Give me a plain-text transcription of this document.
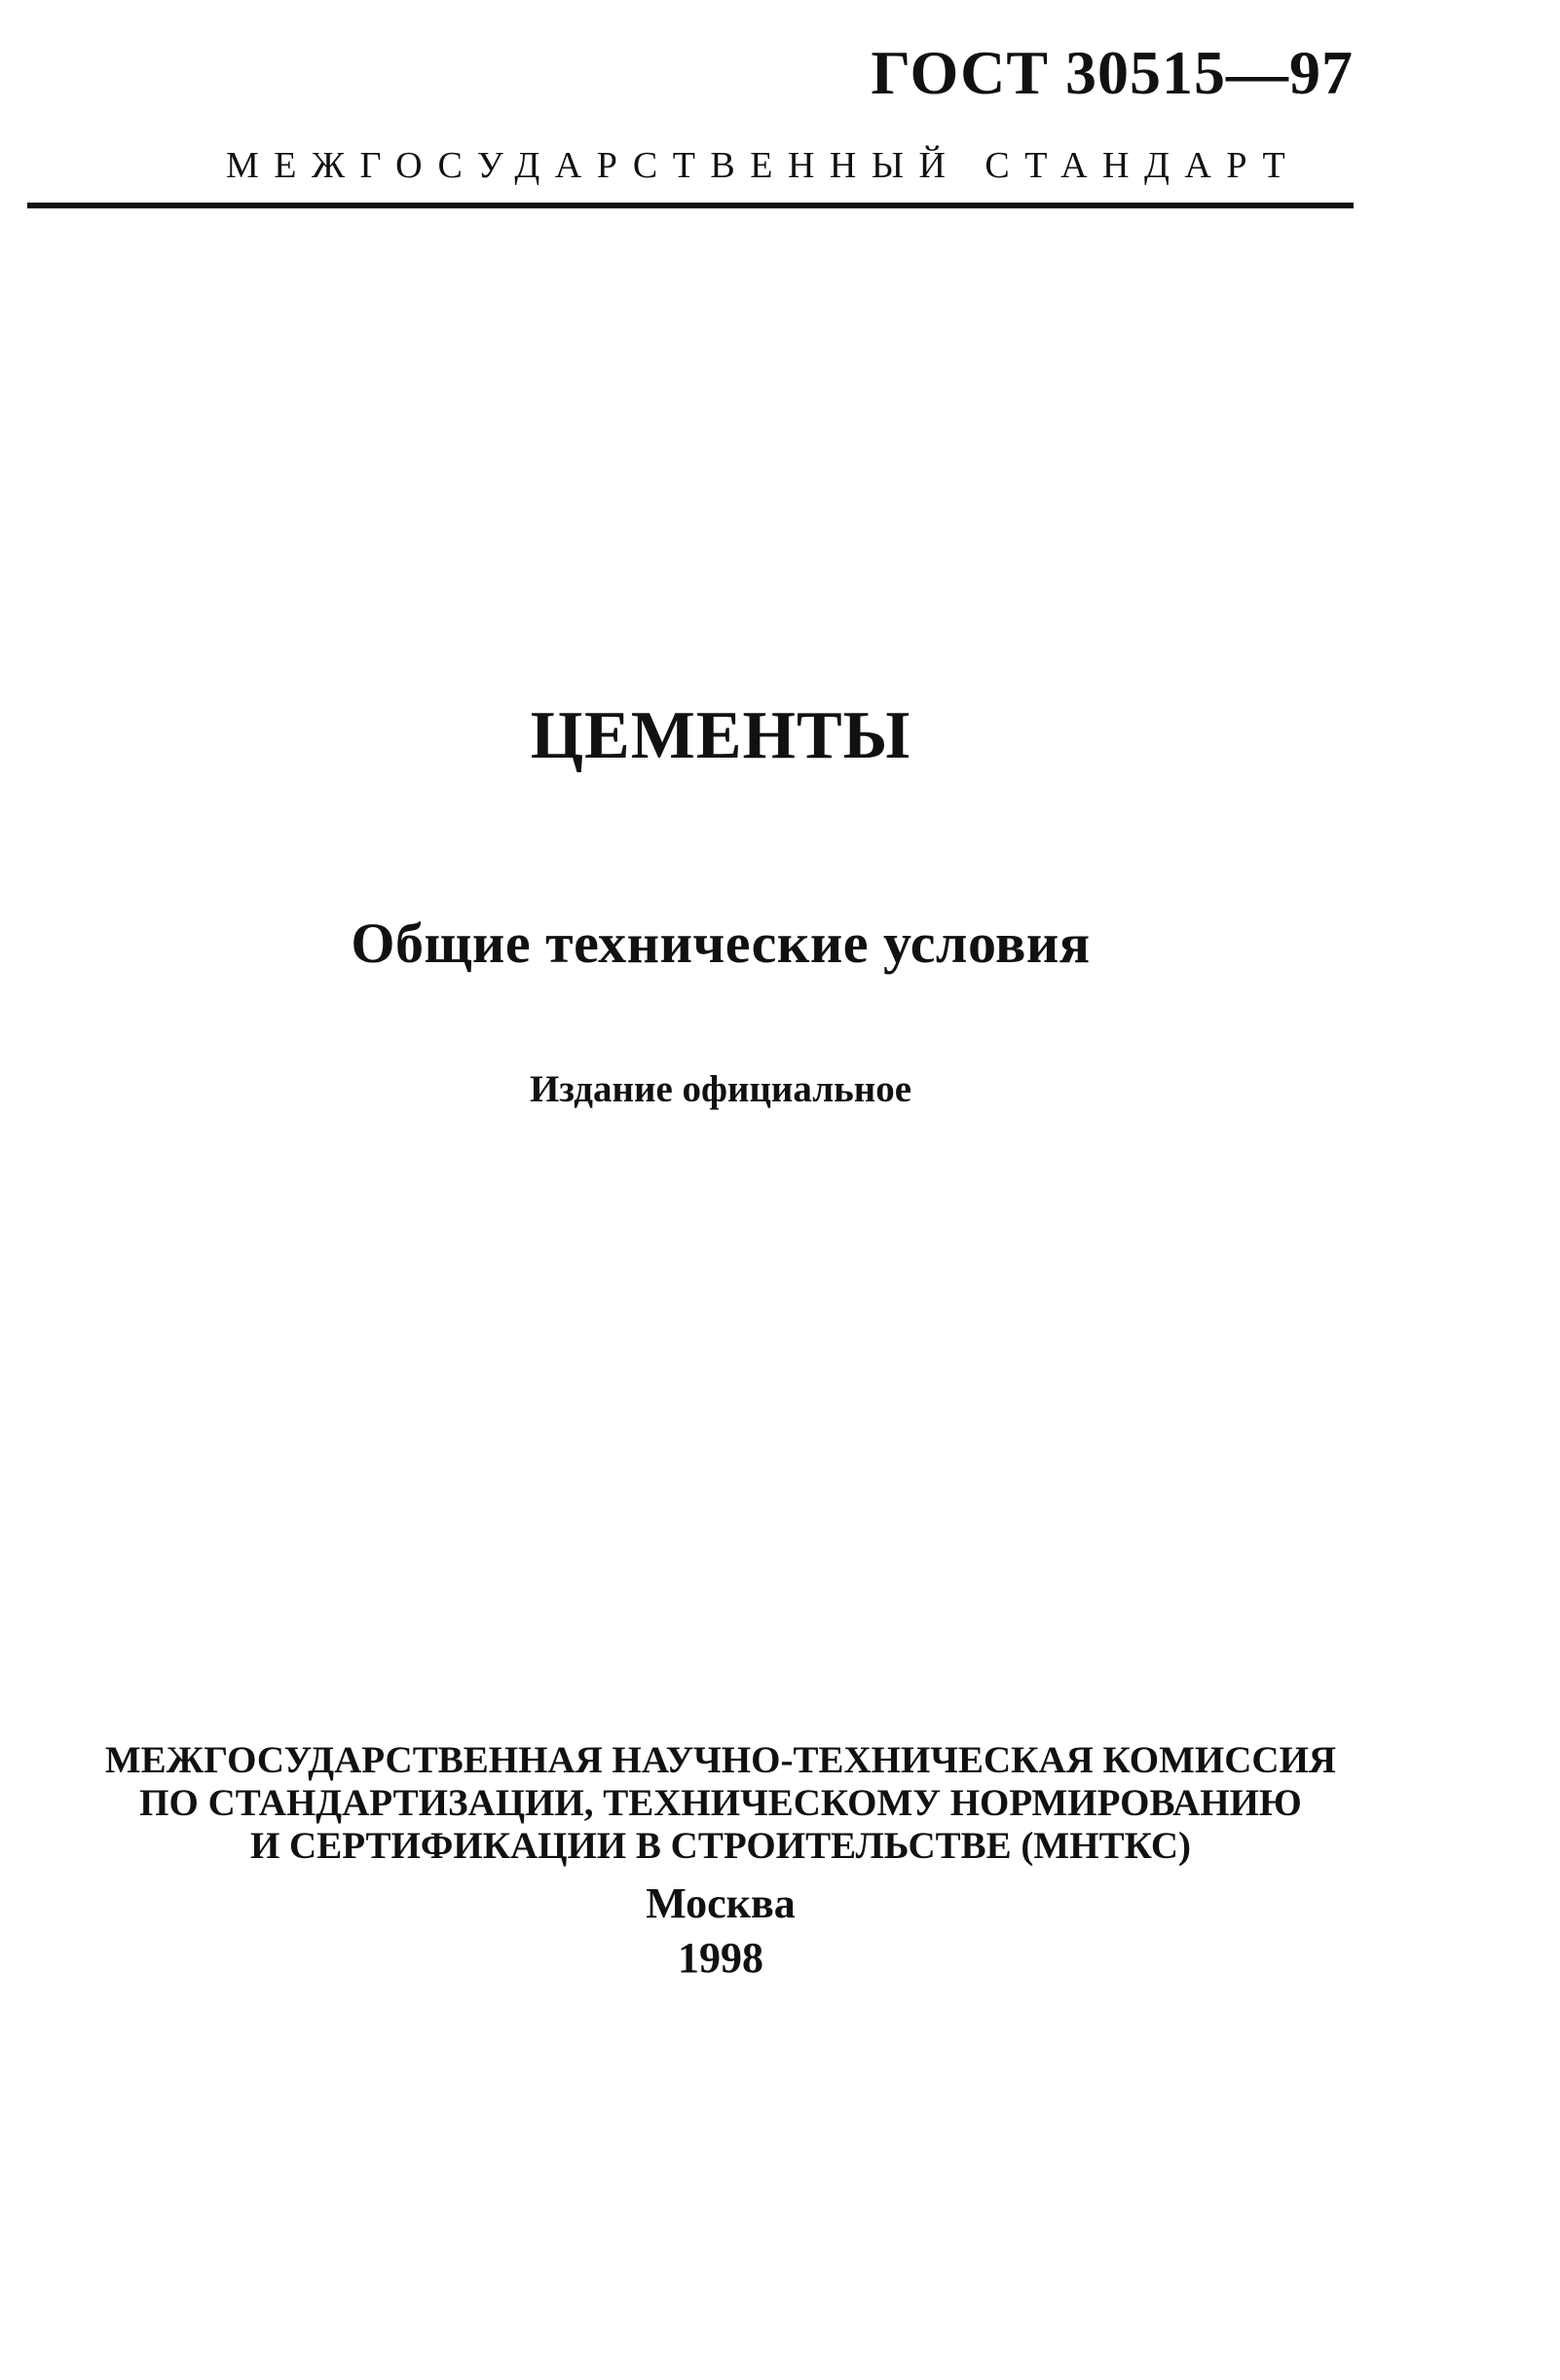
ГОСТ 30515—97
МЕЖГОСУДАРСТВЕННЫЙ СТАНДАРТ
ЦЕМЕНТЫ
Общие технические условия
Издание официальное
МЕЖГОСУДАРСТВЕННАЯ НАУЧНО-ТЕХНИЧЕСКАЯ КОМИССИЯ
ПО СТАНДАРТИЗАЦИИ, ТЕХНИЧЕСКОМУ НОРМИРОВАНИЮ
И СЕРТИФИКАЦИИ В СТРОИТЕЛЬСТВЕ (МНТКС)
Москва
1998
